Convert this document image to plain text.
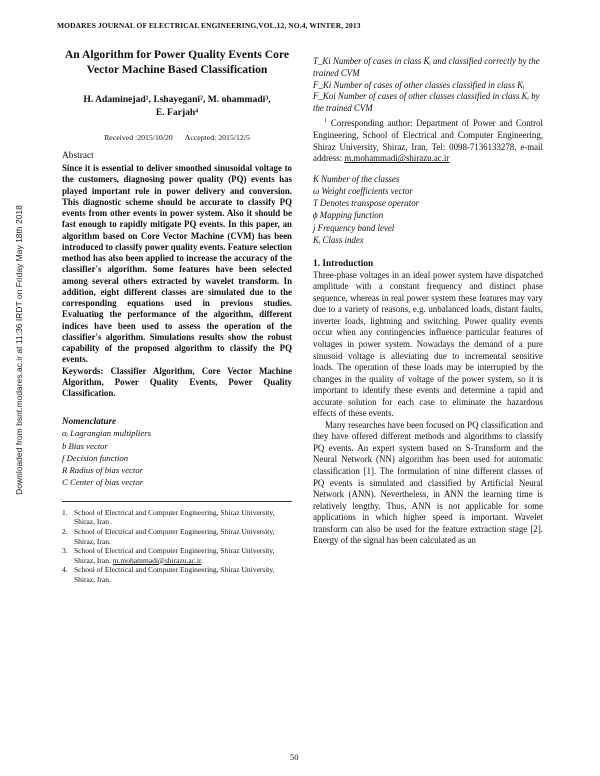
MODARES JOURNAL OF ELECTRICAL ENGINEERING,VOL.12, NO.4, WINTER, 2013
Downloaded from bsnt.modares.ac.ir at 11:36 IRDT on Friday May 18th 2018
An Algorithm for Power Quality Events Core Vector Machine Based Classification
H. Adaminejad¹, I.shayegani², M. ohammadi³,
E. Farjah⁴
Received :2015/10/20 Accepted: 2015/12/5
Abstract
Since it is essential to deliver smoothed sinusoidal voltage to the customers, diagnosing power quality (PQ) events has played important role in power delivery and conversion. This diagnostic scheme should be accurate to classify PQ events from other events in power system. Also it should be fast enough to rapidly mitigate PQ events. In this paper, an algorithm based on Core Vector Machine (CVM) has been introduced to classify power quality events. Feature selection method has also been applied to increase the accuracy of the classifier's algorithm. Some features have been selected among several others extracted by wavelet transform. In addition, eight different classes are simulated due to the corresponding equations used in previous studies. Evaluating the performance of the algorithm, different indices have been used to assess the operation of the classifier's algorithm. Simulations results show the robust capability of the proposed algorithm to classify the PQ events.
Keywords: Classifier Algorithm, Core Vector Machine Algorithm, Power Quality Events, Power Quality Classification.
Nomenclature
αᵢ Lagrangian multipliers
b Bias vector
f Decision function
R Radius of bias vector
C Center of bias vector
1. School of Electrical and Computer Engineering, Shiraz University, Shiraz, Iran .
2. School of Electrical and Computer Engineering, Shiraz University, Shiraz, Iran.
3. School of Electrical and Computer Engineering, Shiraz University, Shiraz, Iran. m.mohammadi@shirazu.ac.ir.
4. School of Electrical and Computer Engineering, Shiraz University, Shiraz, Iran.
T_Ki Number of cases in class Kᵢ and classified correctly by the trained CVM
F_Ki Number of cases of other classes classified in class Kᵢ
F_Koi Number of cases of other classes classified in class Kᵢ by the trained CVM
$^1$ Corresponding author: Department of Power and Control Engineering, School of Electrical and Computer Engineering, Shiraz University, Shiraz, Iran, Tel: 0098-7136133278, e-mail address: m.mohammadi@shirazu.ac.ir
K Number of the classes
ω Weight coefficients vector
T Denotes transpose operator
ϕ Mapping function
j Frequency band level
Kᵢ Class index
1. Introduction

Three-phase voltages in an ideal power system have dispatched amplitude with a constant frequency and distinct phase sequence, whereas in real power system these features may vary due to a variety of reasons, e.g. unbalanced loads, distant faults, inverter loads, lightning and switching. Power quality events occur when any contingencies influence particular features of voltages in power system. Nowadays the demand of a pure sinusoid voltage is alleviating due to incremental sensitive loads. The operation of these loads may be interrupted by the changes in the quality of voltage of the power system, so it is important to identify these events and determine a rapid and accurate solution for each case to eliminate the hazardous effects of these events.

Many researches have been focused on PQ classification and they have offered different methods and algorithms to classify PQ events. An expert system based on S-Transform and the Neural Network (NN) algorithm has been used for automatic classification [1]. The formulation of nine different classes of PQ events is simulated and classified by Artificial Neural Network (ANN). Nevertheless, in ANN the learning time is relatively lengthy. Thus, ANN is not applicable for some applications in which higher speed is important. Wavelet transform can also be used for the feature extraction stage [2]. Energy of the signal has been calculated as an

50
